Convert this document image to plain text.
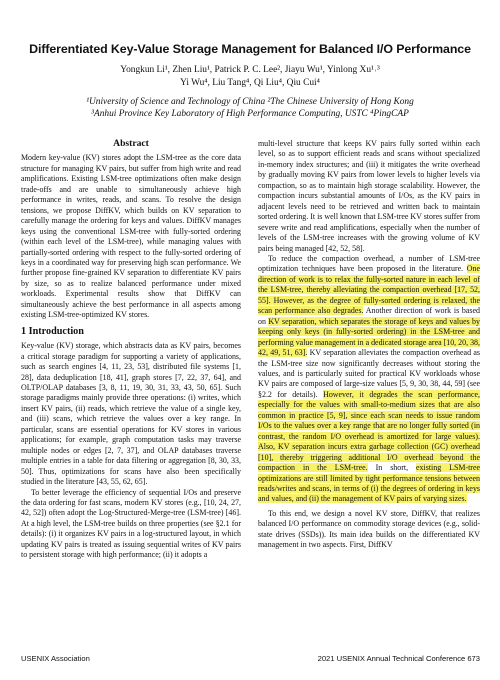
Differentiated Key-Value Storage Management for Balanced I/O Performance
Yongkun Li¹, Zhen Liu¹, Patrick P. C. Lee², Jiayu Wu¹, Yinlong Xu¹˒³
Yi Wu⁴, Liu Tang⁴, Qi Liu⁴, Qiu Cui⁴
¹University of Science and Technology of China ²The Chinese University of Hong Kong
³Anhui Province Key Laboratory of High Performance Computing, USTC ⁴PingCAP
Abstract

Modern key-value (KV) stores adopt the LSM-tree as the core data structure for managing KV pairs, but suffer from high write and read amplifications. Existing LSM-tree optimizations often make design trade-offs and are unable to simultaneously achieve high performance in writes, reads, and scans. To resolve the design tensions, we propose DiffKV, which builds on KV separation to carefully manage the ordering for keys and values. DiffKV manages keys using the conventional LSM-tree with fully-sorted ordering (within each level of the LSM-tree), while managing values with partially-sorted ordering with respect to the fully-sorted ordering of keys in a coordinated way for preserving high scan performance. We further propose fine-grained KV separation to differentiate KV pairs by size, so as to realize balanced performance under mixed workloads. Experimental results show that DiffKV can simultaneously achieve the best performance in all aspects among existing LSM-tree-optimized KV stores.

1 Introduction

Key-value (KV) storage, which abstracts data as KV pairs, becomes a critical storage paradigm for supporting a variety of applications, such as search engines [4, 11, 23, 53], distributed file systems [1, 28], data deduplication [18, 41], graph stores [7, 22, 37, 64], and OLTP/OLAP databases [3, 8, 11, 19, 30, 31, 33, 43, 50, 65]. Such storage paradigms mainly provide three operations: (i) writes, which insert KV pairs, (ii) reads, which retrieve the value of a single key, and (iii) scans, which retrieve the values over a key range. In particular, scans are essential operations for KV stores in various applications; for example, graph computation tasks may traverse multiple nodes or edges [2, 7, 37], and OLAP databases traverse multiple entries in a table for data filtering or aggregation [8, 30, 33, 50]. Thus, optimizations for scans have also been specifically studied in the literature [43, 55, 62, 65].

To better leverage the efficiency of sequential I/Os and preserve the data ordering for fast scans, modern KV stores (e.g., [10, 24, 27, 42, 52]) often adopt the Log-Structured-Merge-tree (LSM-tree) [46]. At a high level, the LSM-tree builds on three properties (see §2.1 for details): (i) it organizes KV pairs in a log-structured layout, in which updating KV pairs is treated as issuing sequential writes of KV pairs to persistent storage with high performance; (ii) it adopts a

multi-level structure that keeps KV pairs fully sorted within each level, so as to support efficient reads and scans without specialized in-memory index structures; and (iii) it mitigates the write overhead by gradually moving KV pairs from lower levels to higher levels via compaction, so as to maintain high storage scalability. However, the compaction incurs substantial amounts of I/Os, as the KV pairs in adjacent levels need to be retrieved and written back to maintain sorted ordering. It is well known that LSM-tree KV stores suffer from severe write and read amplifications, especially when the number of levels of the LSM-tree increases with the growing volume of KV pairs being managed [42, 52, 58].

To reduce the compaction overhead, a number of LSM-tree optimization techniques have been proposed in the literature. One direction of work is to relax the fully-sorted nature in each level of the LSM-tree, thereby alleviating the compaction overhead [17, 52, 55]. However, as the degree of fully-sorted ordering is relaxed, the scan performance also degrades. Another direction of work is based on KV separation, which separates the storage of keys and values by keeping only keys (in fully-sorted ordering) in the LSM-tree and performing value management in a dedicated storage area [10, 20, 38, 42, 49, 51, 63]. KV separation alleviates the compaction overhead as the LSM-tree size now significantly decreases without storing the values, and is particularly suited for practical KV workloads whose KV pairs are composed of large-size values [5, 9, 30, 38, 44, 59] (see §2.2 for details). However, it degrades the scan performance, especially for the values with small-to-medium sizes that are also common in practice [5, 9], since each scan needs to issue random I/Os to the values over a key range that are no longer fully sorted (in contrast, the random I/O overhead is amortized for large values). Also, KV separation incurs extra garbage collection (GC) overhead [10], thereby triggering additional I/O overhead beyond the compaction in the LSM-tree. In short, existing LSM-tree optimizations are still limited by tight performance tensions between reads/writes and scans, in terms of (i) the degrees of ordering in keys and values, and (ii) the management of KV pairs of varying sizes.

To this end, we design a novel KV store, DiffKV, that realizes balanced I/O performance on commodity storage devices (e.g., solid-state drives (SSDs)). Its main idea builds on the differentiated KV management in two aspects. First, DiffKV

USENIX Association	2021 USENIX Annual Technical Conference 673
